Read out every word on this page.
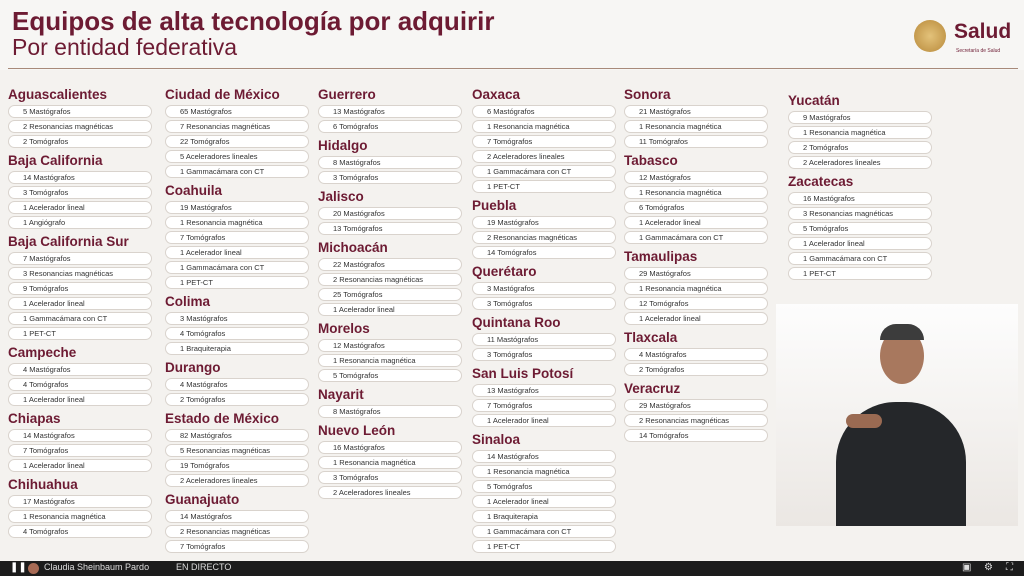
Equipos de alta tecnología por adquirir
Por entidad federativa
Salud
Secretaría de Salud
Aguascalientes
5 Mastógrafos
2 Resonancias magnéticas
2 Tomógrafos
Baja California
14 Mastógrafos
3 Tomógrafos
1 Acelerador lineal
1 Angiógrafo
Baja California Sur
7 Mastógrafos
3 Resonancias magnéticas
9 Tomógrafos
1 Acelerador lineal
1 Gammacámara con CT
1 PET-CT
Campeche
4 Mastógrafos
4 Tomógrafos
1 Acelerador lineal
Chiapas
14 Mastógrafos
7 Tomógrafos
1 Acelerador lineal
Chihuahua
17 Mastógrafos
1 Resonancia magnética
4 Tomógrafos
Ciudad de México
65 Mastógrafos
7 Resonancias magnéticas
22 Tomógrafos
5 Aceleradores lineales
1 Gammacámara con CT
Coahuila
19 Mastógrafos
1 Resonancia magnética
7 Tomógrafos
1 Acelerador lineal
1 Gammacámara con CT
1 PET-CT
Colima
3 Mastógrafos
4 Tomógrafos
1 Braquiterapia
Durango
4 Mastógrafos
2 Tomógrafos
Estado de México
82 Mastógrafos
5 Resonancias magnéticas
19 Tomógrafos
2 Aceleradores lineales
Guanajuato
14 Mastógrafos
2 Resonancias magnéticas
7 Tomógrafos
Guerrero
13 Mastógrafos
6 Tomógrafos
Hidalgo
8 Mastógrafos
3 Tomógrafos
Jalisco
20 Mastógrafos
13 Tomógrafos
Michoacán
22 Mastógrafos
2 Resonancias magnéticas
25 Tomógrafos
1 Acelerador lineal
Morelos
12 Mastógrafos
1 Resonancia magnética
5 Tomógrafos
Nayarit
8 Mastógrafos
Nuevo León
16 Mastógrafos
1 Resonancia magnética
3 Tomógrafos
2 Aceleradores lineales
Oaxaca
6 Mastógrafos
1 Resonancia magnética
7 Tomógrafos
2 Aceleradores lineales
1 Gammacámara con CT
1 PET-CT
Puebla
19 Mastógrafos
2 Resonancias magnéticas
14 Tomógrafos
Querétaro
3 Mastógrafos
3 Tomógrafos
Quintana Roo
11 Mastógrafos
3 Tomógrafos
San Luis Potosí
13 Mastógrafos
7 Tomógrafos
1 Acelerador lineal
Sinaloa
14 Mastógrafos
1 Resonancia magnética
5 Tomógrafos
1 Acelerador lineal
1 Braquiterapia
1 Gammacámara con CT
1 PET-CT
Sonora
21 Mastógrafos
1 Resonancia magnética
11 Tomógrafos
Tabasco
12 Mastógrafos
1 Resonancia magnética
6 Tomógrafos
1 Acelerador lineal
1 Gammacámara con CT
Tamaulipas
29 Mastógrafos
1 Resonancia magnética
12 Tomógrafos
1 Acelerador lineal
Tlaxcala
4 Mastógrafos
2 Tomógrafos
Veracruz
29 Mastógrafos
2 Resonancias magnéticas
14 Tomógrafos
Yucatán
9 Mastógrafos
1 Resonancia magnética
2 Tomógrafos
2 Aceleradores lineales
Zacatecas
16 Mastógrafos
3 Resonancias magnéticas
5 Tomógrafos
1 Acelerador lineal
1 Gammacámara con CT
1 PET-CT
❚❚ Claudia Sheinbaum Pardo	EN DIRECTO	▣ ⚙ ⛶
